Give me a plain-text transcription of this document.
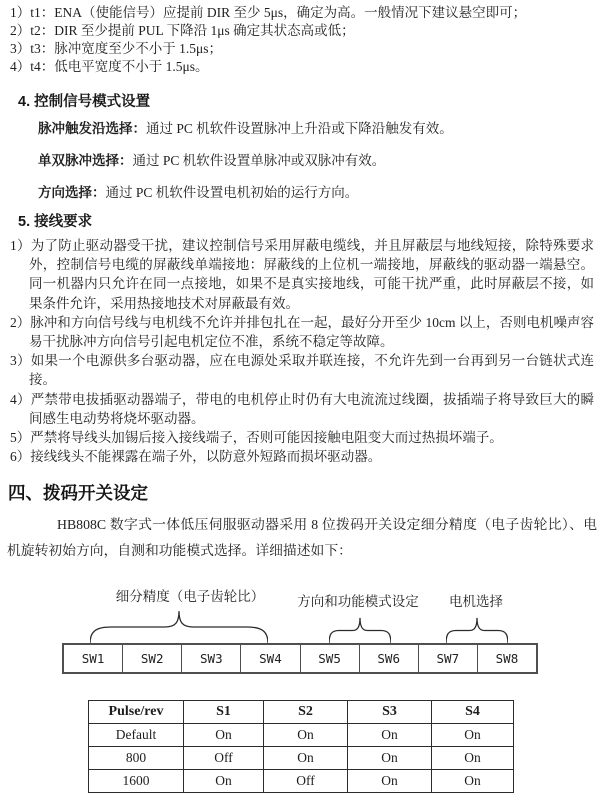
1）t1：ENA（使能信号）应提前 DIR 至少 5μs，确定为高。一般情况下建议悬空即可；
2）t2：DIR 至少提前 PUL 下降沿 1μs 确定其状态高或低；
3）t3：脉冲宽度至少不小于 1.5μs；
4）t4：低电平宽度不小于 1.5μs。
4. 控制信号模式设置
脉冲触发沿选择：通过 PC 机软件设置脉冲上升沿或下降沿触发有效。
单双脉冲选择：通过 PC 机软件设置单脉冲或双脉冲有效。
方向选择：通过 PC 机软件设置电机初始的运行方向。
5. 接线要求
1）为了防止驱动器受干扰，建议控制信号采用屏蔽电缆线，并且屏蔽层与地线短接，除特殊要求外，控制信号电缆的屏蔽线单端接地：屏蔽线的上位机一端接地，屏蔽线的驱动器一端悬空。同一机器内只允许在同一点接地，如果不是真实接地线，可能干扰严重，此时屏蔽层不接，如果条件允许，采用热接地技术对屏蔽最有效。
2）脉冲和方向信号线与电机线不允许并排包扎在一起，最好分开至少 10cm 以上，否则电机噪声容易干扰脉冲方向信号引起电机定位不准，系统不稳定等故障。
3）如果一个电源供多台驱动器，应在电源处采取并联连接，不允许先到一台再到另一台链状式连接。
4）严禁带电拔插驱动器端子，带电的电机停止时仍有大电流流过线圈，拔插端子将导致巨大的瞬间感生电动势将烧坏驱动器。
5）严禁将导线头加锡后接入接线端子，否则可能因接触电阻变大而过热损坏端子。
6）接线线头不能裸露在端子外，以防意外短路而损坏驱动器。
四、拨码开关设定
HB808C 数字式一体低压伺服驱动器采用 8 位拨码开关设定细分精度（电子齿轮比）、电机旋转初始方向，自测和功能模式选择。详细描述如下：
细分精度（电子齿轮比） 方向和功能模式设定 电机选择
SW1	SW2	SW3	SW4	SW5	SW6	SW7	SW8
Pulse/rev	S1	S2	S3	S4
Default	On	On	On	On
800	Off	On	On	On
1600	On	Off	On	On
